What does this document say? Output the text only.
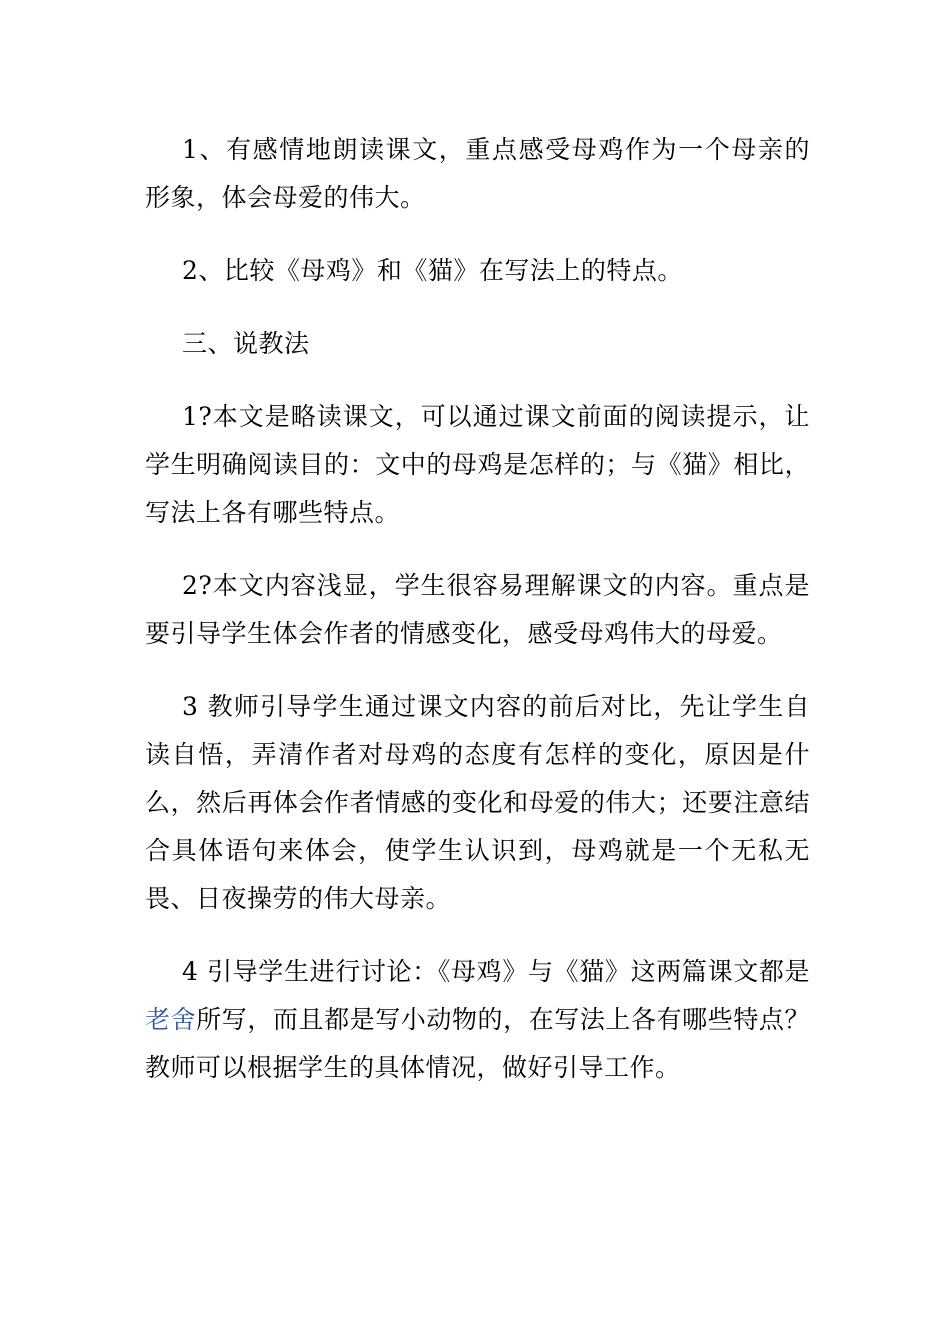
1、有感情地朗读课文，重点感受母鸡作为一个母亲的形象，体会母爱的伟大。

2、比较《母鸡》和《猫》在写法上的特点。

三、说教法

1?本文是略读课文，可以通过课文前面的阅读提示，让学生明确阅读目的：文中的母鸡是怎样的；与《猫》相比，写法上各有哪些特点。

2?本文内容浅显，学生很容易理解课文的内容。重点是要引导学生体会作者的情感变化，感受母鸡伟大的母爱。

3 教师引导学生通过课文内容的前后对比，先让学生自读自悟，弄清作者对母鸡的态度有怎样的变化，原因是什么，然后再体会作者情感的变化和母爱的伟大；还要注意结合具体语句来体会，使学生认识到，母鸡就是一个无私无畏、日夜操劳的伟大母亲。

4 引导学生进行讨论：《母鸡》与《猫》这两篇课文都是老舍所写，而且都是写小动物的，在写法上各有哪些特点？教师可以根据学生的具体情况，做好引导工作。
